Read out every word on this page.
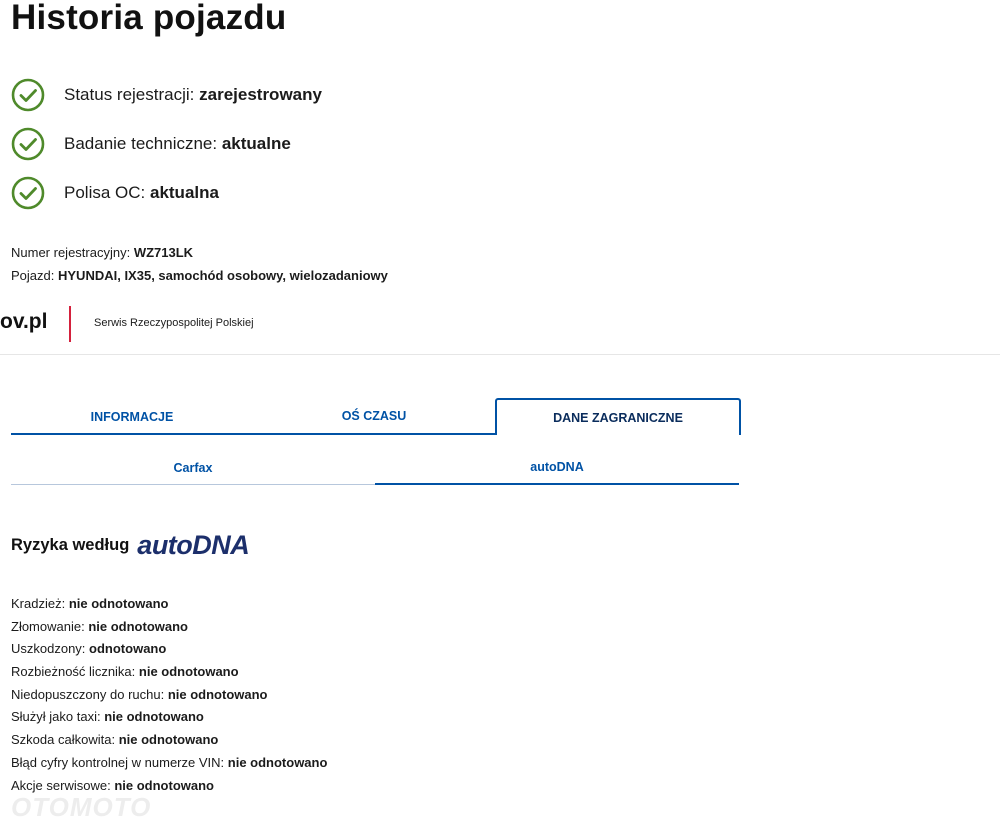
Historia pojazdu
Status rejestracji: zarejestrowany
Badanie techniczne: aktualne
Polisa OC: aktualna
Numer rejestracyjny: WZ713LK
Pojazd: HYUNDAI, IX35, samochód osobowy, wielozadaniowy
ov.pl	Serwis Rzeczypospolitej Polskiej
INFORMACJE	OŚ CZASU	DANE ZAGRANICZNE
Carfax	autoDNA
Ryzyka według autoDNA
Kradzież: nie odnotowano
Złomowanie: nie odnotowano
Uszkodzony: odnotowano
Rozbieżność licznika: nie odnotowano
Niedopuszczony do ruchu: nie odnotowano
Służył jako taxi: nie odnotowano
Szkoda całkowita: nie odnotowano
Błąd cyfry kontrolnej w numerze VIN: nie odnotowano
Akcje serwisowe: nie odnotowano
OTOMOTO
